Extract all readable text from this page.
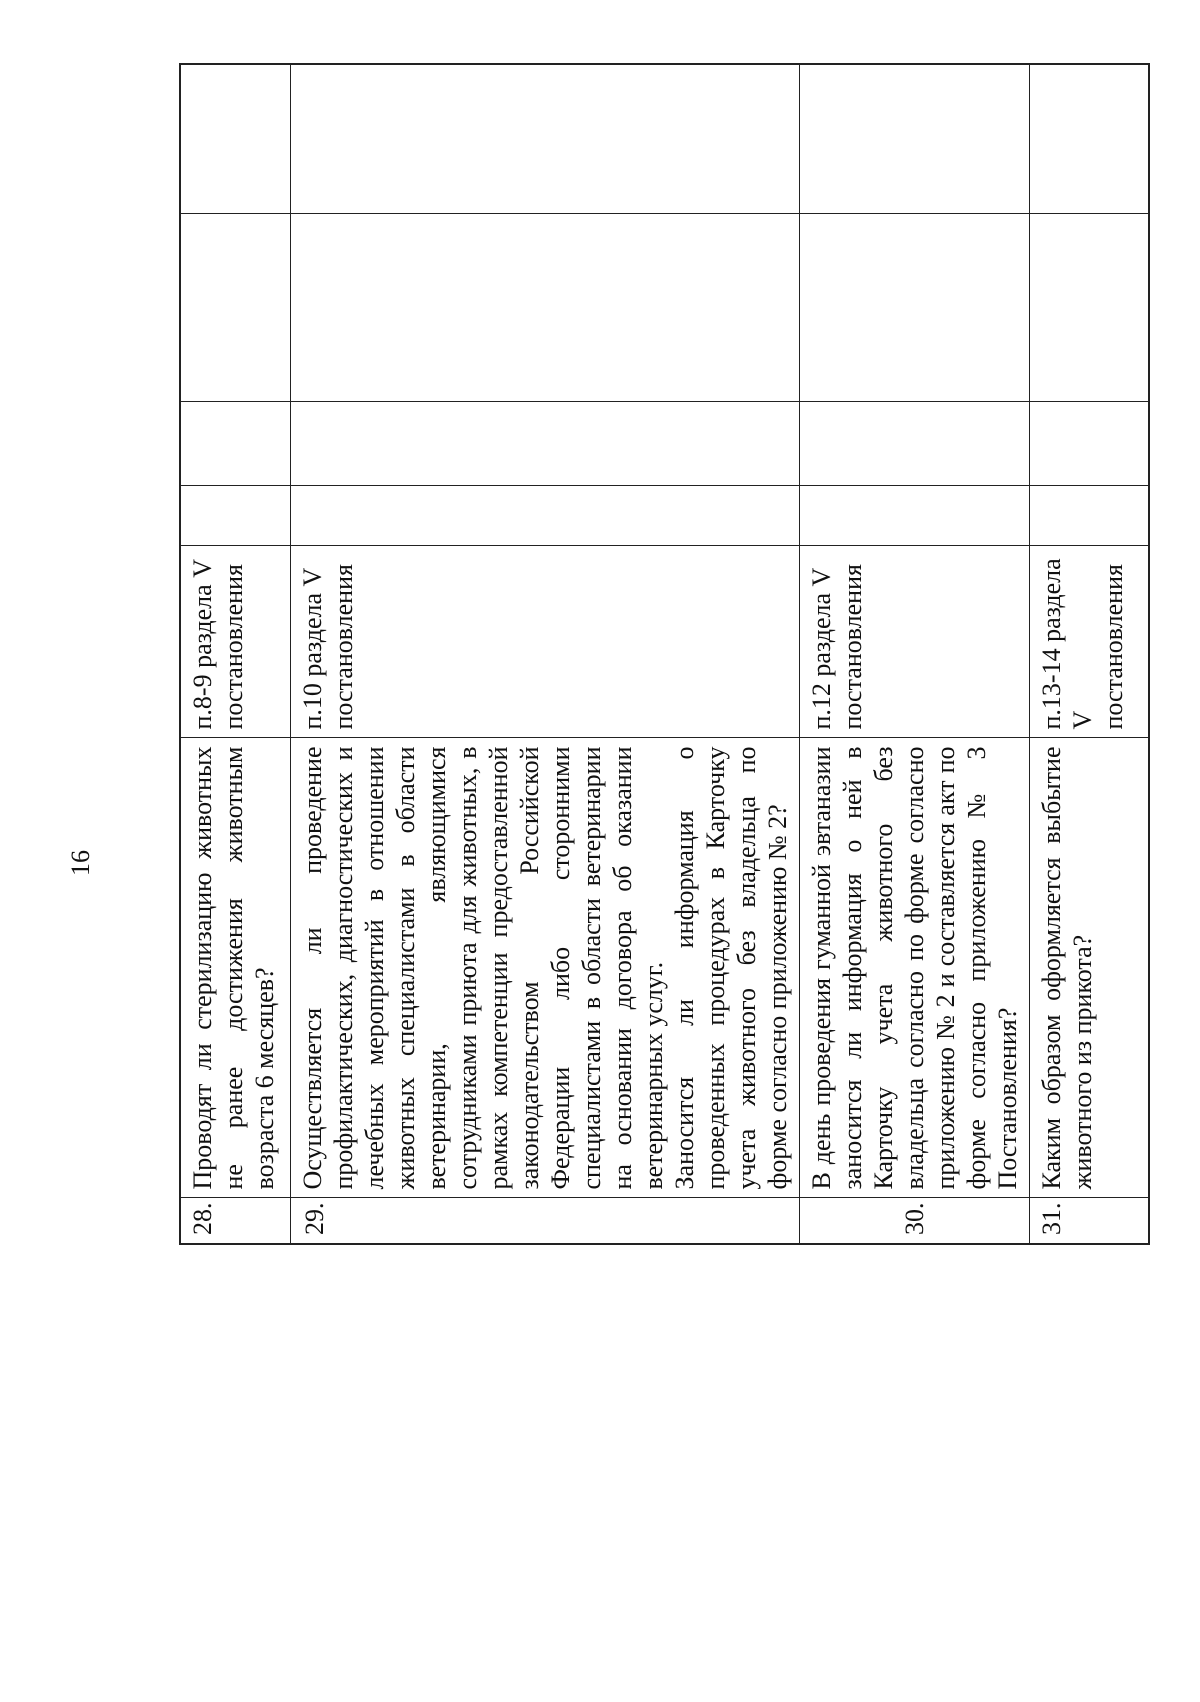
16
28.	Проводят ли стерилизацию животных не ранее достижения животным возраста 6 месяцев?	п.8-9 раздела V постановления				
29.	Осуществляется ли проведение профилактических, диагностических и лечебных мероприятий в отношении животных специалистами в области ветеринарии, являющимися сотрудниками приюта для животных, в рамках компетенции предоставленной законодательством Российской Федерации либо сторонними специалистами в области ветеринарии на основании договора об оказании ветеринарных услуг. Заносится ли информация о проведенных процедурах в Карточку учета животного без владельца по форме согласно приложению № 2?	п.10 раздела V постановления				
30.	В день проведения гуманной эвтаназии заносится ли информация о ней в Карточку учета животного без владельца согласно по форме согласно приложению № 2 и составляется акт по форме согласно приложению № 3 Постановления?	п.12 раздела V постановления				
31.	Каким образом оформляется выбытие животного из прикота?	п.13-14 раздела V постановления				
